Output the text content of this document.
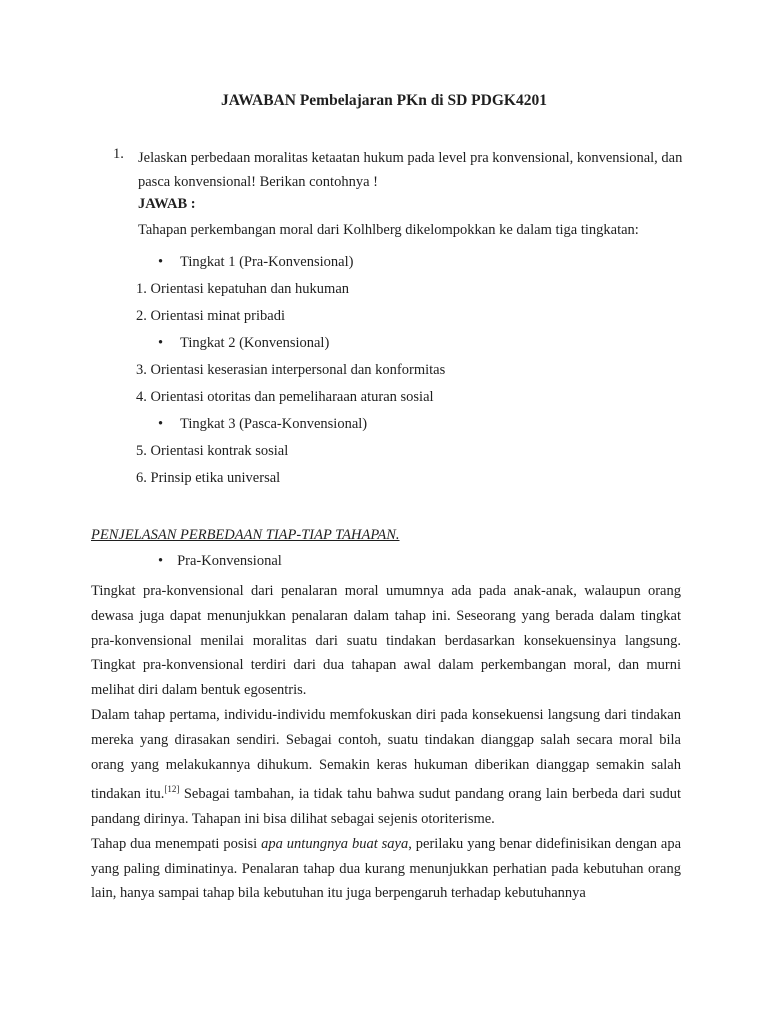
JAWABAN Pembelajaran PKn di SD PDGK4201
1. Jelaskan perbedaan moralitas ketaatan hukum pada level pra konvensional, konvensional, dan pasca konvensional! Berikan contohnya !
JAWAB :
Tahapan perkembangan moral dari Kolhlberg dikelompokkan ke dalam tiga tingkatan:
• Tingkat 1 (Pra-Konvensional)
1. Orientasi kepatuhan dan hukuman
2. Orientasi minat pribadi
• Tingkat 2 (Konvensional)
3. Orientasi keserasian interpersonal dan konformitas
4. Orientasi otoritas dan pemeliharaan aturan sosial
• Tingkat 3 (Pasca-Konvensional)
5. Orientasi kontrak sosial
6. Prinsip etika universal
PENJELASAN PERBEDAAN TIAP-TIAP TAHAPAN.
• Pra-Konvensional

Tingkat pra-konvensional dari penalaran moral umumnya ada pada anak-anak, walaupun orang dewasa juga dapat menunjukkan penalaran dalam tahap ini. Seseorang yang berada dalam tingkat pra-konvensional menilai moralitas dari suatu tindakan berdasarkan konsekuensinya langsung. Tingkat pra-konvensional terdiri dari dua tahapan awal dalam perkembangan moral, dan murni melihat diri dalam bentuk egosentris.

Dalam tahap pertama, individu-individu memfokuskan diri pada konsekuensi langsung dari tindakan mereka yang dirasakan sendiri. Sebagai contoh, suatu tindakan dianggap salah secara moral bila orang yang melakukannya dihukum. Semakin keras hukuman diberikan dianggap semakin salah tindakan itu.[12] Sebagai tambahan, ia tidak tahu bahwa sudut pandang orang lain berbeda dari sudut pandang dirinya. Tahapan ini bisa dilihat sebagai sejenis otoriterisme.

Tahap dua menempati posisi apa untungnya buat saya, perilaku yang benar didefinisikan dengan apa yang paling diminatinya. Penalaran tahap dua kurang menunjukkan perhatian pada kebutuhan orang lain, hanya sampai tahap bila kebutuhan itu juga berpengaruh terhadap kebutuhannya
